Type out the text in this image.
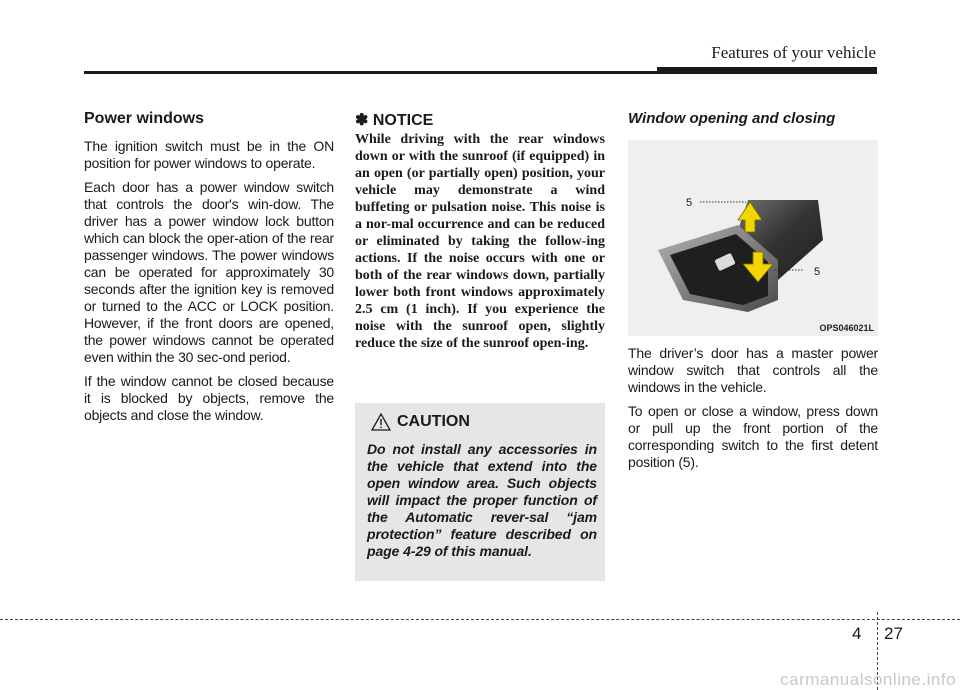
Features of your vehicle
Power windows

The ignition switch must be in the ON position for power windows to operate.

Each door has a power window switch that controls the door's win-dow. The driver has a power window lock button which can block the oper-ation of the rear passenger windows. The power windows can be operated for approximately 30 seconds after the ignition key is removed or turned to the ACC or LOCK position. However, if the front doors are opened, the power windows cannot be operated even within the 30 sec-ond period.

If the window cannot be closed because it is blocked by objects, remove the objects and close the window.

✽ NOTICE

While driving with the rear windows down or with the sunroof (if equipped) in an open (or partially open) position, your vehicle may demonstrate a wind buffeting or pulsation noise. This noise is a nor-mal occurrence and can be reduced or eliminated by taking the follow-ing actions. If the noise occurs with one or both of the rear windows down, partially lower both front windows approximately 2.5 cm (1 inch). If you experience the noise with the sunroof open, slightly reduce the size of the sunroof open-ing.

CAUTION

Do not install any accessories in the vehicle that extend into the open window area. Such objects will impact the proper function of the Automatic rever-sal “jam protection” feature described on page 4-29 of this manual.

Window opening and closing
5
5
OPS046021L

The driver’s door has a master power window switch that controls all the windows in the vehicle.

To open or close a window, press down or pull up the front portion of the corresponding switch to the first detent position (5).

4 27
carmanualsonline.info
